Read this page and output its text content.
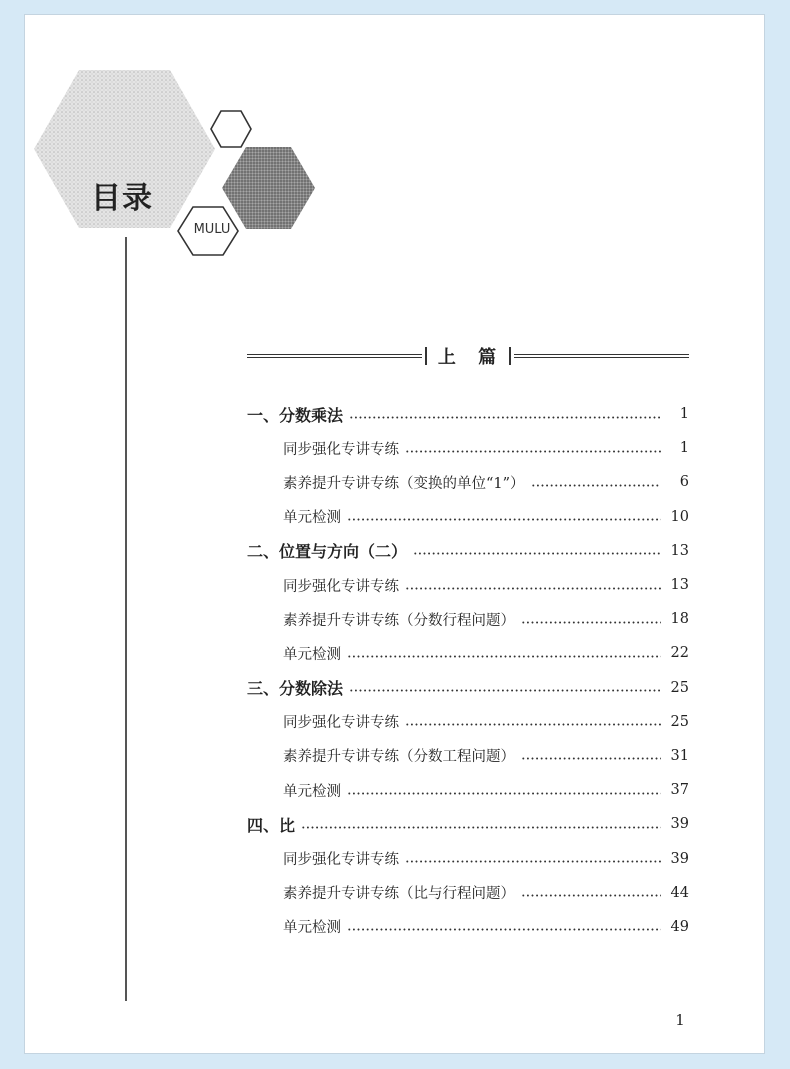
目录
MULU
上 篇
一、分数乘法	1
同步强化专讲专练	1
素养提升专讲专练（变换的单位“1”）	6
单元检测	10
二、位置与方向（二）	13
同步强化专讲专练	13
素养提升专讲专练（分数行程问题）	18
单元检测	22
三、分数除法	25
同步强化专讲专练	25
素养提升专讲专练（分数工程问题）	31
单元检测	37
四、比	39
同步强化专讲专练	39
素养提升专讲专练（比与行程问题）	44
单元检测	49
1
